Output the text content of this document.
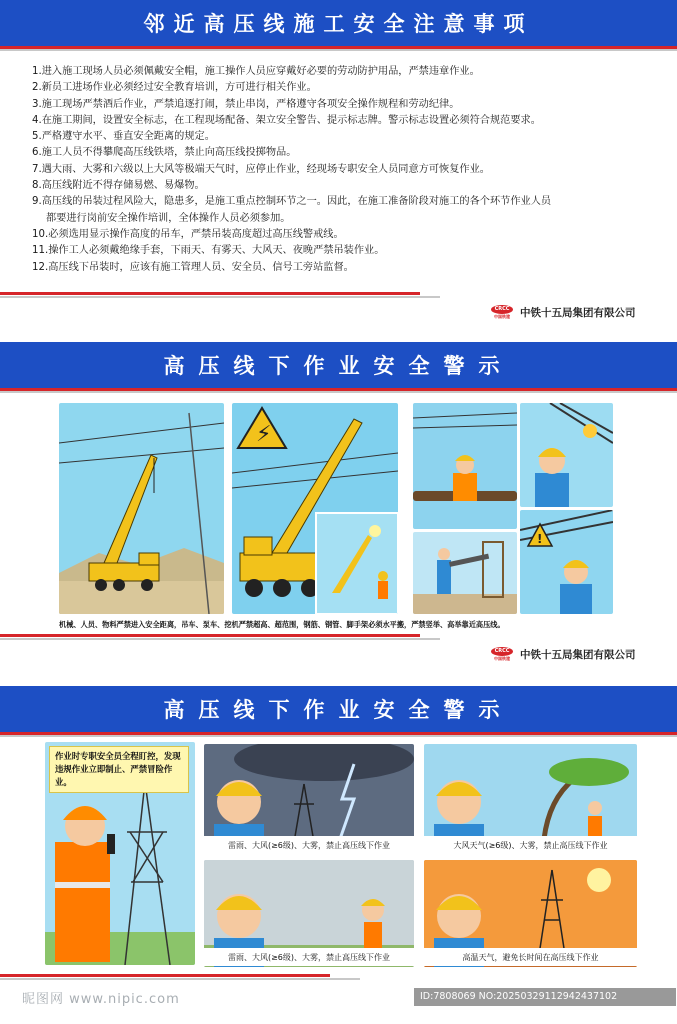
邻近高压线施工安全注意事项
1.进入施工现场人员必须佩戴安全帽，施工操作人员应穿戴好必要的劳动防护用品，严禁违章作业。
2.新员工进场作业必须经过安全教育培训，方可进行相关作业。
3.施工现场严禁酒后作业，严禁追逐打闹，禁止串岗，严格遵守各项安全操作规程和劳动纪律。
4.在施工期间，设置安全标志，在工程现场配备、架立安全警告、提示标志牌。警示标志设置必须符合规范要求。
5.严格遵守水平、垂直安全距离的规定。
6.施工人员不得攀爬高压线铁塔，禁止向高压线投掷物品。
7.遇大雨、大雾和六级以上大风等极端天气时，应停止作业，经现场专职安全人员同意方可恢复作业。
8.高压线附近不得存储易燃、易爆物。
9.高压线的吊装过程风险大，隐患多，是施工重点控制环节之一。因此，在施工准备阶段对施工的各个环节作业人员
都要进行岗前安全操作培训，全体操作人员必须参加。
10.必须选用显示操作高度的吊车，严禁吊装高度超过高压线警戒线。
11.操作工人必须戴绝缘手套，下雨天、有雾天、大风天、夜晚严禁吊装作业。
12.高压线下吊装时，应该有施工管理人员、安全员、信号工旁站监督。
CRCC
中国铁建 中铁十五局集团有限公司
高压线下作业安全警示
⚡
!
机械、人员、物料严禁进入安全距离，吊车、泵车、挖机严禁超高、超范围，钢筋、钢管、脚手架必须水平搬，严禁竖举、高举靠近高压线。
CRCC
中国铁建 中铁十五局集团有限公司
高压线下作业安全警示
作业时专职安全员全程盯控，发现违规作业立即制止、严禁冒险作业。
雷雨、大风(≥6级)、大雾，禁止高压线下作业	大风天气(≥6级)、大雾，禁止高压线下作业
雷雨、大风(≥6级)、大雾，禁止高压线下作业	高温天气，避免长时间在高压线下作业
昵图网 www.nipic.com	ID:7808069 NO:20250329112942437102
